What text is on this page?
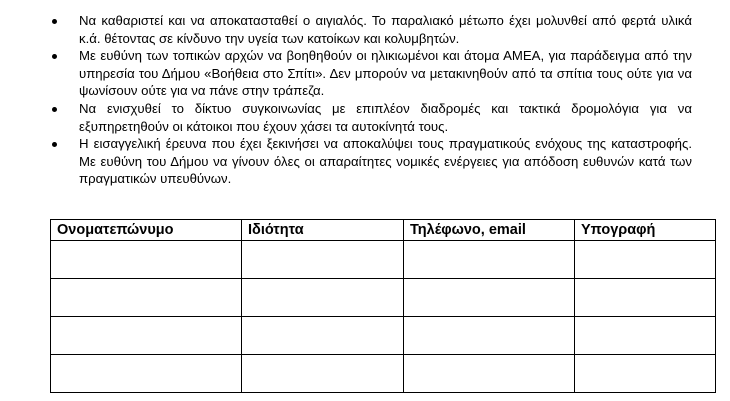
Να καθαριστεί και να αποκατασταθεί ο αιγιαλός. Το παραλιακό μέτωπο έχει μολυνθεί από φερτά υλικά κ.ά. θέτοντας σε κίνδυνο την υγεία των κατοίκων και κολυμβητών.
Με ευθύνη των τοπικών αρχών να βοηθηθούν οι ηλικιωμένοι και άτομα ΑΜΕΑ, για παράδειγμα από την υπηρεσία του Δήμου «Βοήθεια στο Σπίτι». Δεν μπορούν να μετακινηθούν από τα σπίτια τους ούτε για να ψωνίσουν ούτε για να πάνε στην τράπεζα.
Να ενισχυθεί το δίκτυο συγκοινωνίας με επιπλέον διαδρομές και τακτικά δρομολόγια για να εξυπηρετηθούν οι κάτοικοι που έχουν χάσει τα αυτοκίνητά τους.
Η εισαγγελική έρευνα που έχει ξεκινήσει να αποκαλύψει τους πραγματικούς ενόχους της καταστροφής. Με ευθύνη του Δήμου να γίνουν όλες οι απαραίτητες νομικές ενέργειες για απόδοση ευθυνών κατά των πραγματικών υπευθύνων.
Ονοματεπώνυμο	Ιδιότητα	Τηλέφωνο, email	Υπογραφή
